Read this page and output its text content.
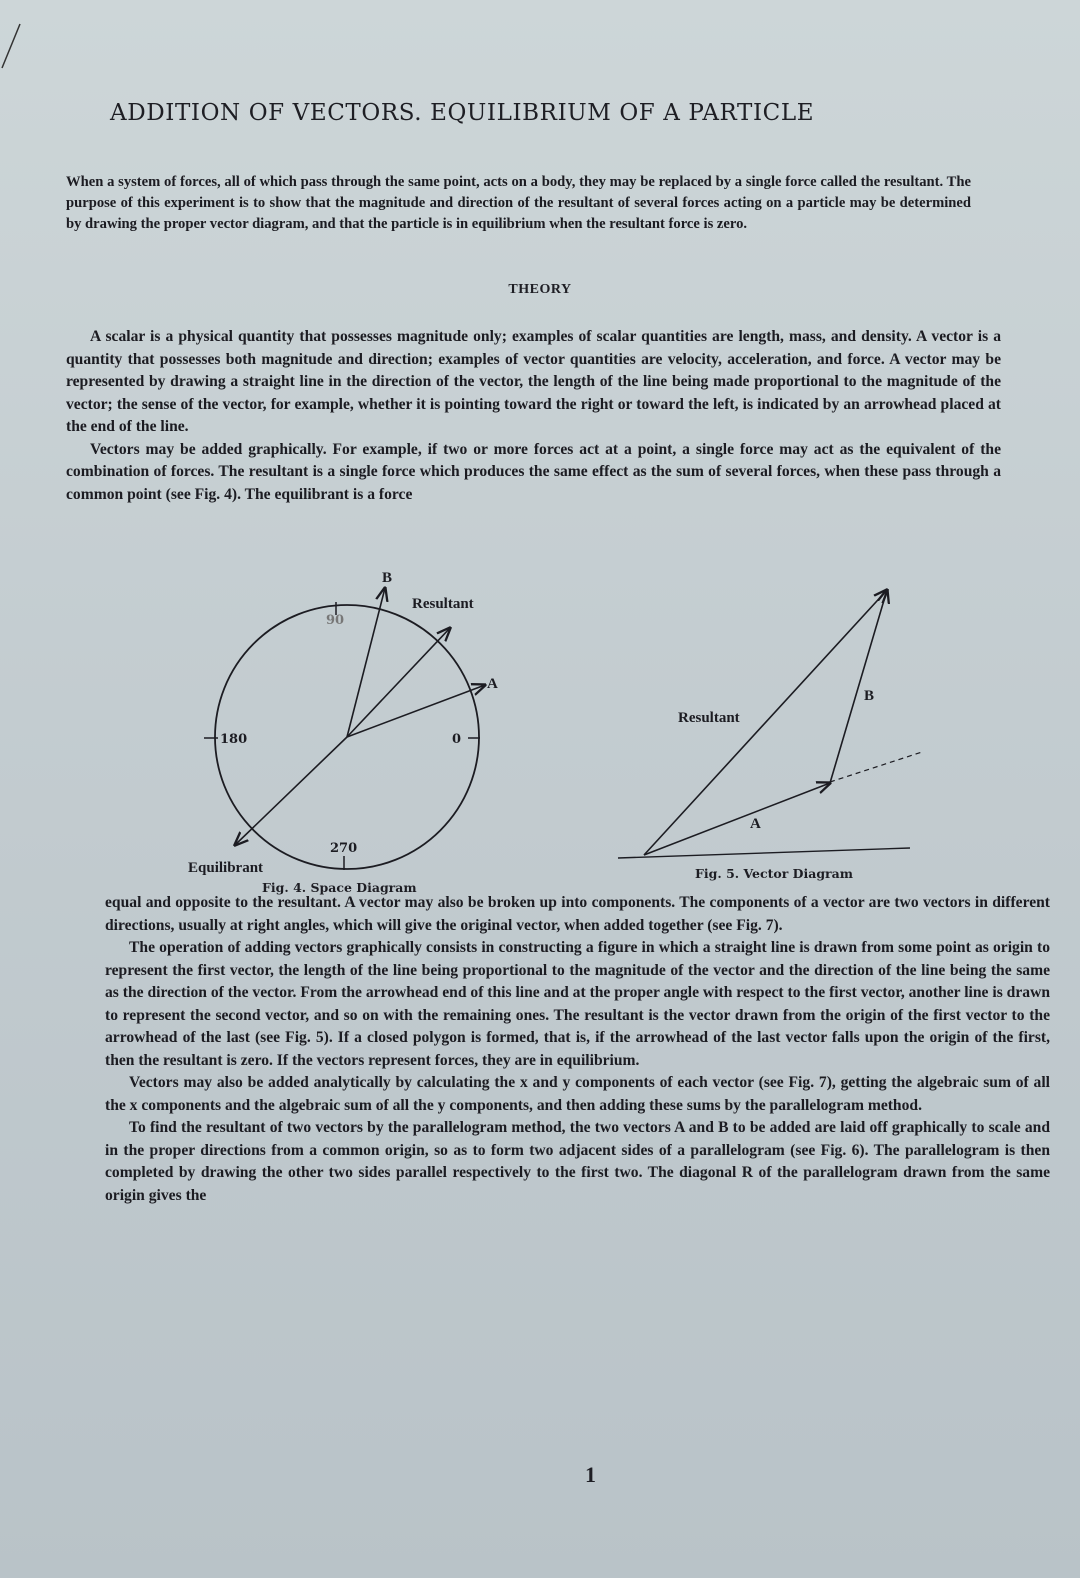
ADDITION OF VECTORS. EQUILIBRIUM OF A PARTICLE
When a system of forces, all of which pass through the same point, acts on a body, they may be replaced by a single force called the resultant. The purpose of this experiment is to show that the magnitude and direction of the resultant of several forces acting on a particle may be determined by drawing the proper vector diagram, and that the particle is in equilibrium when the resultant force is zero.
THEORY

A scalar is a physical quantity that possesses magnitude only; examples of scalar quantities are length, mass, and density. A vector is a quantity that possesses both magnitude and direction; examples of vector quantities are velocity, acceleration, and force. A vector may be represented by drawing a straight line in the direction of the vector, the length of the line being made proportional to the magnitude of the vector; the sense of the vector, for example, whether it is pointing toward the right or toward the left, is indicated by an arrowhead placed at the end of the line.

Vectors may be added graphically. For example, if two or more forces act at a point, a single force may act as the equivalent of the combination of forces. The resultant is a single force which produces the same effect as the sum of several forces, when these pass through a common point (see Fig. 4). The equilibrant is a force

B
Resultant
A
0
90
180
270
Equilibrant
Fig. 4. Space Diagram
Resultant
B
A
Fig. 5. Vector Diagram

equal and opposite to the resultant. A vector may also be broken up into components. The components of a vector are two vectors in different directions, usually at right angles, which will give the original vector, when added together (see Fig. 7).

The operation of adding vectors graphically consists in constructing a figure in which a straight line is drawn from some point as origin to represent the first vector, the length of the line being proportional to the magnitude of the vector and the direction of the line being the same as the direction of the vector. From the arrowhead end of this line and at the proper angle with respect to the first vector, another line is drawn to represent the second vector, and so on with the remaining ones. The resultant is the vector drawn from the origin of the first vector to the arrowhead of the last (see Fig. 5). If a closed polygon is formed, that is, if the arrowhead of the last vector falls upon the origin of the first, then the resultant is zero. If the vectors represent forces, they are in equilibrium.

Vectors may also be added analytically by calculating the x and y components of each vector (see Fig. 7), getting the algebraic sum of all the x components and the algebraic sum of all the y components, and then adding these sums by the parallelogram method.

To find the resultant of two vectors by the parallelogram method, the two vectors A and B to be added are laid off graphically to scale and in the proper directions from a common origin, so as to form two adjacent sides of a parallelogram (see Fig. 6). The parallelogram is then completed by drawing the other two sides parallel respectively to the first two. The diagonal R of the parallelogram drawn from the same origin gives the

1
